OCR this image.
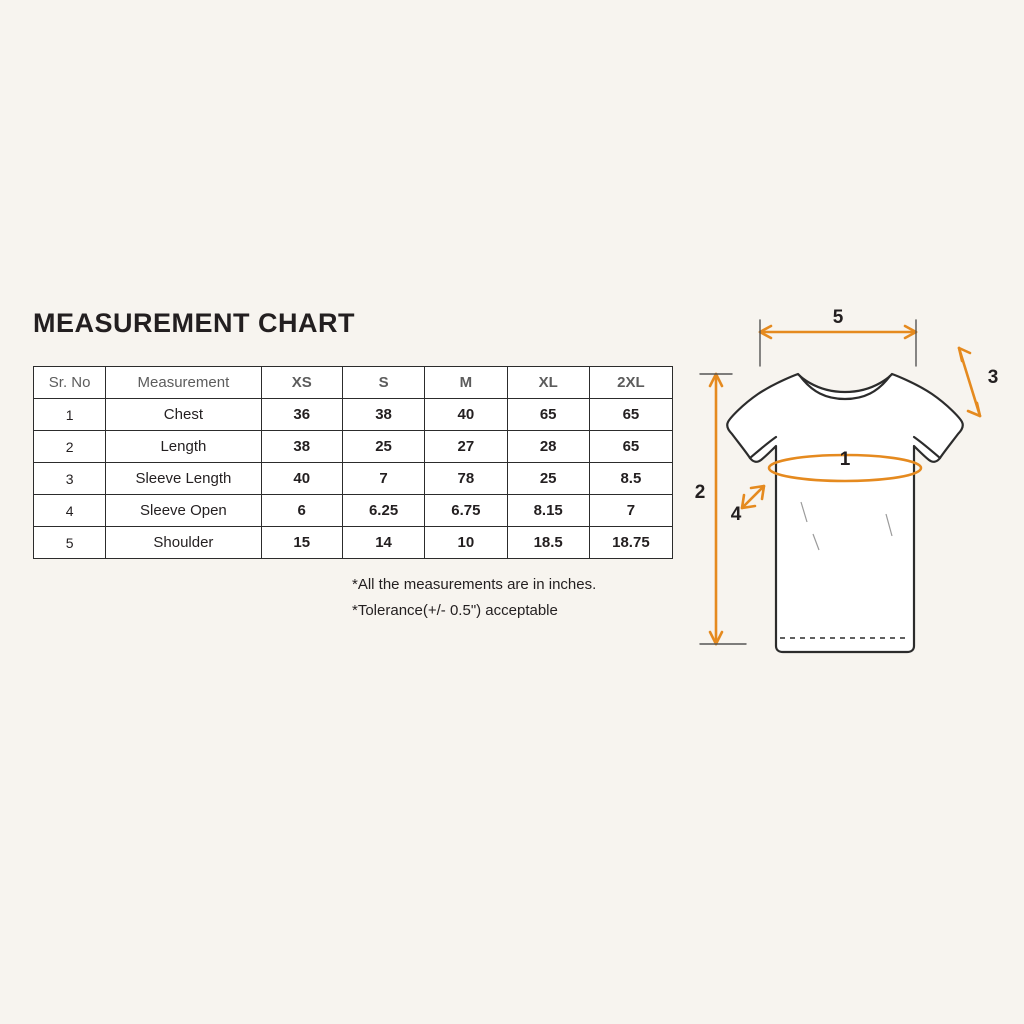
MEASUREMENT CHART
Sr. No	Measurement	XS	S	M	XL	2XL
1	Chest	36	38	40	65	65
2	Length	38	25	27	28	65
3	Sleeve Length	40	7	78	25	8.5
4	Sleeve Open	6	6.25	6.75	8.15	7
5	Shoulder	15	14	10	18.5	18.75
*All the measurements are in inches.
*Tolerance(+/- 0.5") acceptable
5
3
1
2
4
